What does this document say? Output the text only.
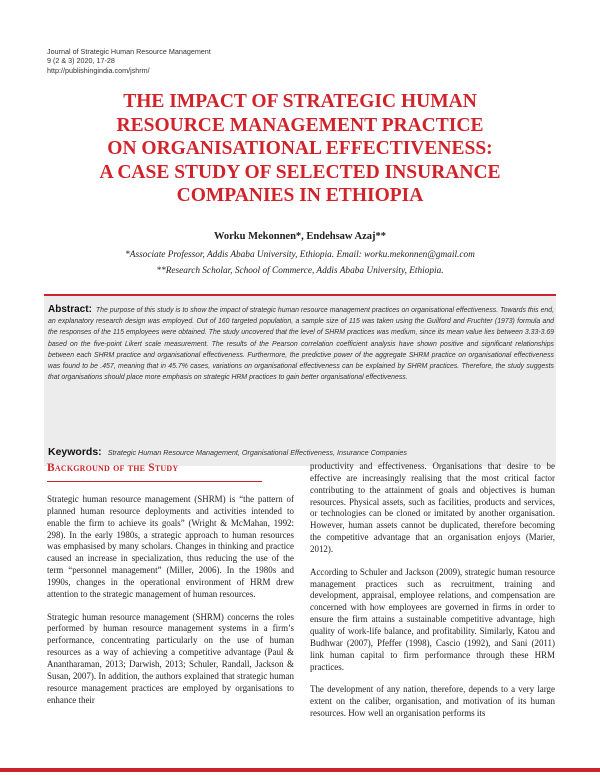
Journal of Strategic Human Resource Management
9 (2 & 3) 2020, 17-28
http://publishingindia.com/jshrm/
THE IMPACT OF STRATEGIC HUMAN
RESOURCE MANAGEMENT PRACTICE
ON ORGANISATIONAL EFFECTIVENESS:
A CASE STUDY OF SELECTED INSURANCE
COMPANIES IN ETHIOPIA
Worku Mekonnen*, Endehsaw Azaj**
*Associate Professor, Addis Ababa University, Ethiopia. Email: worku.mekonnen@gmail.com
**Research Scholar, School of Commerce, Addis Ababa University, Ethiopia.
Abstract: The purpose of this study is to show the impact of strategic human resource management practices on organisational effectiveness. Towards this end, an explanatory research design was employed. Out of 160 targeted population, a sample size of 115 was taken using the Guilford and Fruchter (1973) formula and the responses of the 115 employees were obtained. The study uncovered that the level of SHRM practices was medium, since its mean value lies between 3.33-3.69 based on the five-point Likert scale measurement. The results of the Pearson correlation coefficient analysis have shown positive and significant relationships between each SHRM practice and organisational effectiveness. Furthermore, the predictive power of the aggregate SHRM practice on organisational effectiveness was found to be .457, meaning that in 45.7% cases, variations on organisational effectiveness can be explained by SHRM practices. Therefore, the study suggests that organisations should place more emphasis on strategic HRM practices to gain better organisational effectiveness.
Keywords: Strategic Human Resource Management, Organisational Effectiveness, Insurance Companies
Background of the Study

Strategic human resource management (SHRM) is “the pattern of planned human resource deployments and activities intended to enable the firm to achieve its goals” (Wright & McMahan, 1992: 298). In the early 1980s, a strategic approach to human resources was emphasised by many scholars. Changes in thinking and practice caused an increase in specialization, thus reducing the use of the term “personnel management” (Miller, 2006). In the 1980s and 1990s, changes in the operational environment of HRM drew attention to the strategic management of human resources.

Strategic human resource management (SHRM) concerns the roles performed by human resource management systems in a firm’s performance, concentrating particularly on the use of human resources as a way of achieving a competitive advantage (Paul & Anantharaman, 2013; Darwish, 2013; Schuler, Randall, Jackson & Susan, 2007). In addition, the authors explained that strategic human resource management practices are employed by organisations to enhance their

productivity and effectiveness. Organisations that desire to be effective are increasingly realising that the most critical factor contributing to the attainment of goals and objectives is human resources. Physical assets, such as facilities, products and services, or technologies can be cloned or imitated by another organisation. However, human assets cannot be duplicated, therefore becoming the competitive advantage that an organisation enjoys (Marier, 2012).

According to Schuler and Jackson (2009), strategic human resource management practices such as recruitment, training and development, appraisal, employee relations, and compensation are concerned with how employees are governed in firms in order to ensure the firm attains a sustainable competitive advantage, high quality of work-life balance, and profitability. Similarly, Katou and Budhwar (2007), Pfeffer (1998), Cascio (1992), and Sani (2011) link human capital to firm performance through these HRM practices.

The development of any nation, therefore, depends to a very large extent on the caliber, organisation, and motivation of its human resources. How well an organisation performs its
